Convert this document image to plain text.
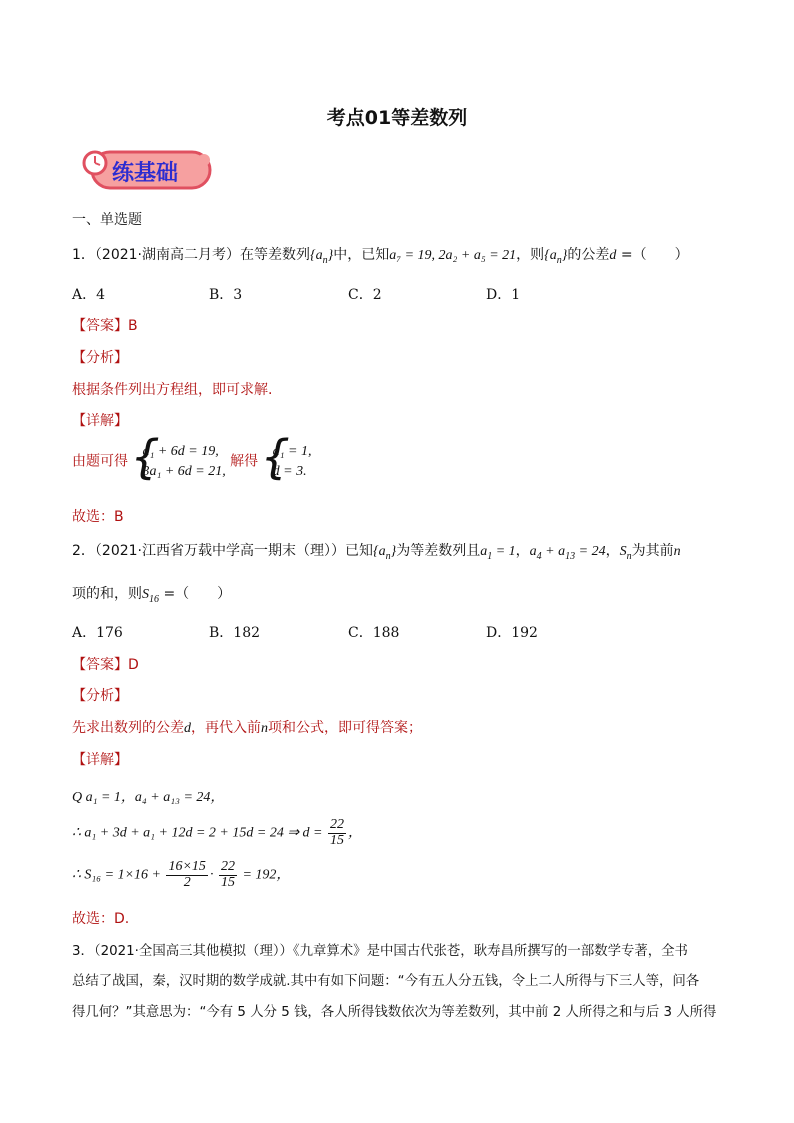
考点01等差数列
练基础
一、单选题
1．（2021·湖南高二月考）在等差数列$\{a_n\}$中，已知a₇ = 19, 2a₂ + a₅ = 21，则$\{a_n\}$的公差d =（　　）
A．4	B．3	C．2	D．1
【答案】B
【分析】
根据条件列出方程组，即可求解.
【详解】
由题可得
{ a₁ + 6d = 19,
3a₁ + 6d = 21,
解得
{ a₁ = 1,
d = 3.
故选：B
2．（2021·江西省万载中学高一期末（理））已知$\{a_n\}$为等差数列且$a_1 = 1$，$a_4 + a_{13} = 24$，$S_n$为其前n
项的和，则$S_{16}$ =（　　）
A．176	B．182	C．188	D．192
【答案】D
【分析】
先求出数列的公差d，再代入前n项和公式，即可得答案；
【详解】
Q a₁ = 1，a₄ + a₁₃ = 24，
∴ a₁ + 3d + a₁ + 12d = 2 + 15d = 24 ⇒ $d = \frac{22}{15}$ ，
∴ $S_{16} = 1\times 16 + \frac{16\times 15}{2} \cdot \frac{22}{15} = 192$，
故选：D.
3．（2021·全国高三其他模拟（理））《九章算术》是中国古代张苍，耿寿昌所撰写的一部数学专著，全书
总结了战国，秦，汉时期的数学成就.其中有如下问题：“今有五人分五钱，令上二人所得与下三人等，问各
得几何？”其意思为：“今有 5 人分 5 钱，各人所得钱数依次为等差数列，其中前 2 人所得之和与后 3 人所得
